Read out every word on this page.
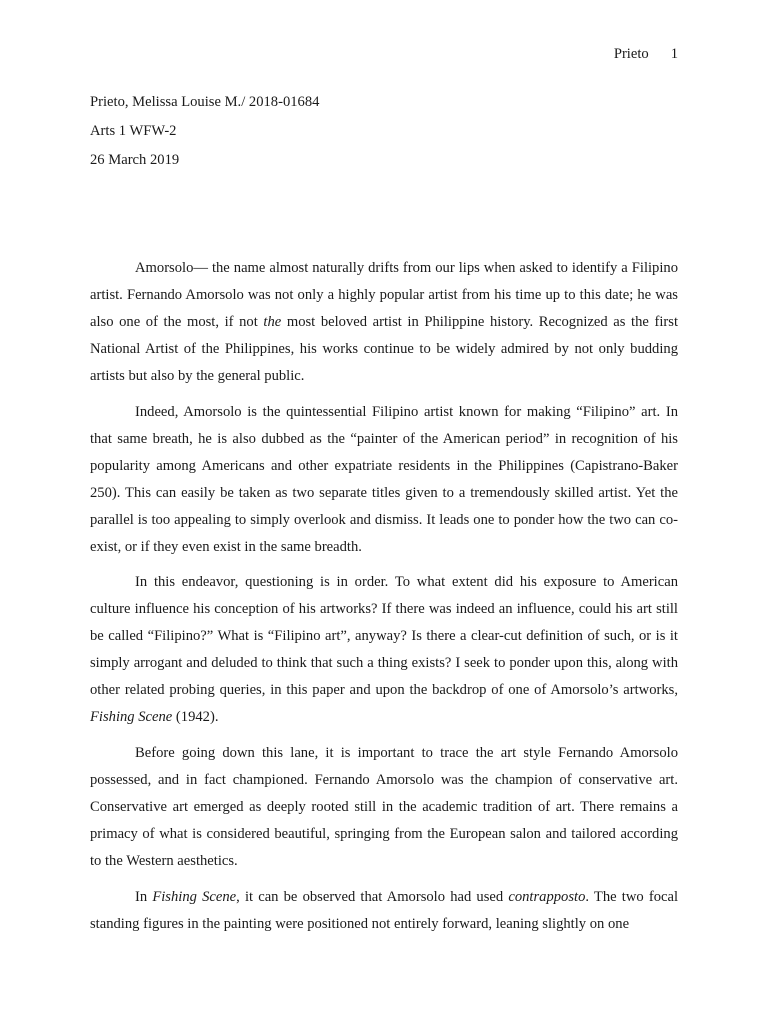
Prieto 1
Prieto, Melissa Louise M./ 2018-01684
Arts 1 WFW-2
26 March 2019

Amorsolo— the name almost naturally drifts from our lips when asked to identify a Filipino artist. Fernando Amorsolo was not only a highly popular artist from his time up to this date; he was also one of the most, if not the most beloved artist in Philippine history. Recognized as the first National Artist of the Philippines, his works continue to be widely admired by not only budding artists but also by the general public.

Indeed, Amorsolo is the quintessential Filipino artist known for making “Filipino” art. In that same breath, he is also dubbed as the “painter of the American period” in recognition of his popularity among Americans and other expatriate residents in the Philippines (Capistrano-Baker 250). This can easily be taken as two separate titles given to a tremendously skilled artist. Yet the parallel is too appealing to simply overlook and dismiss. It leads one to ponder how the two can co-exist, or if they even exist in the same breadth.

In this endeavor, questioning is in order. To what extent did his exposure to American culture influence his conception of his artworks? If there was indeed an influence, could his art still be called “Filipino?” What is “Filipino art”, anyway? Is there a clear-cut definition of such, or is it simply arrogant and deluded to think that such a thing exists? I seek to ponder upon this, along with other related probing queries, in this paper and upon the backdrop of one of Amorsolo’s artworks, Fishing Scene (1942).

Before going down this lane, it is important to trace the art style Fernando Amorsolo possessed, and in fact championed. Fernando Amorsolo was the champion of conservative art. Conservative art emerged as deeply rooted still in the academic tradition of art. There remains a primacy of what is considered beautiful, springing from the European salon and tailored according to the Western aesthetics.

In Fishing Scene, it can be observed that Amorsolo had used contrapposto. The two focal standing figures in the painting were positioned not entirely forward, leaning slightly on one
